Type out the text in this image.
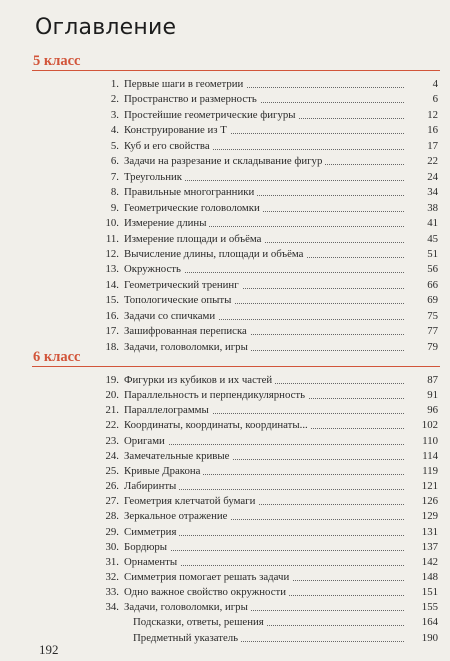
Оглавление
5 класс
1. Первые шаги в геометрии	4
2. Пространство и размерность	6
3. Простейшие геометрические фигуры	12
4. Конструирование из Т	16
5. Куб и его свойства	17
6. Задачи на разрезание и складывание фигур	22
7. Треугольник	24
8. Правильные многогранники	34
9. Геометрические головоломки	38
10. Измерение длины	41
11. Измерение площади и объёма	45
12. Вычисление длины, площади и объёма	51
13. Окружность	56
14. Геометрический тренинг	66
15. Топологические опыты	69
16. Задачи со спичками	75
17. Зашифрованная переписка	77
18. Задачи, головоломки, игры	79
6 класс
19. Фигурки из кубиков и их частей	87
20. Параллельность и перпендикулярность	91
21. Параллелограммы	96
22. Координаты, координаты, координаты...	102
23. Оригами	110
24. Замечательные кривые	114
25. Кривые Дракона	119
26. Лабиринты	121
27. Геометрия клетчатой бумаги	126
28. Зеркальное отражение	129
29. Симметрия	131
30. Бордюры	137
31. Орнаменты	142
32. Симметрия помогает решать задачи	148
33. Одно важное свойство окружности	151
34. Задачи, головоломки, игры	155
Подсказки, ответы, решения	164
Предметный указатель	190
192
